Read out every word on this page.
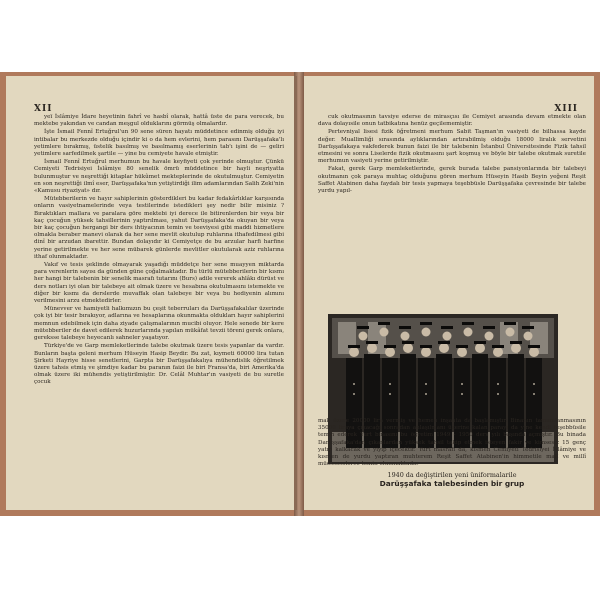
XII

yeï İslâmiye İdare heyetinin fahrî ve hasbî olarak, hattâ üste de para verecek, bu mektebe yakından ve candan meşgul olduklarını görmüş olmalardır.

İşte İsmail Fennî Ertuğrul'un 90 sene süren hayatı müddetince edinmiş olduğu iyi intibalar bu merkezde olduğu içindir ki o da hem evlerini, hem parasını Darüşşafaka'lı yetimlere bırakmış, üstelik basılmış ve basılmamış eserlerinin tab'ı işini de — geliri yetimlere sarfedilmek şartile — yine bu cemiyete havale etmiştir.

İsmail Fennî Ertuğrul merhumun bu havale keyfiyeti çok yerinde olmuştur. Çünkü Cemiyeti Tedrisiyei İslâmiye 80 senelik ömrü müddetince bir hayli neşriyatta bulunmuştur ve neşrettiği kitaplar hükûmet mekteplerinde de okutulmuştur. Cemiyetin en son neşrettiği ilmî eser, Darüşşafaka'nın yetiştirdiği ilim adamlarından Salih Zeki'nin «Kamusu riyaziyat» dır.

Mütebberilerin ve hayır sahiplerinin gösterdikleri bu kadar fedakârlıklar karşısında onların vasiyetnamelerinde veya testilerinde istedikleri şey nedir bilir misiniz ? Bıraktıkları mallara ve paralara göre mektebi iyi derece ile bitirenlerden bir veya bir kaç çocuğun yüksek tahsillerinin yaptırılması, yahut Darüşşafaka'da okuyan bir veya bir kaç çocuğun hergangi bir ders ihtiyacının temin ve teeviyesi gibi maddi hizmetlere olmakla beraber manevi olarak da her sene mevlit okutulup ruhlarına ithafedilmesi gibi dinî bir arzudan ibarettir. Bundan dolayıdır ki Cemiyetçe de bu arzular harfi harfine yerine getirilmekte ve her sene mübarek günlerde mevlitler okutularak aziz ruhlarına ithaf olunmaktadır.

Vakıf ve tesis şeklinde olmayarak yaşadığı müddetçe her sene muayyen miktarda para verenlerin sayısı da günden güne çoğalmaktadır. Bu türlü mütebberilerin bir kısmı her hangi bir talebenin bir senelik masrafı tutarını (Burs) adile vererek ahlâkı dürüst ve ders notları iyi olan bir talebeye ait olmak üzere ve hesabına okutulmasını istemekte ve diğer bir kısmı da derslerde muvaffak olan talebeye bir veya bu hediyenin alımını verilmesini arzu etmektedirler.

Münevver ve hamiyetli halkımızın bu çeşit teberruları da Darüşşafakalılar üzerinde çok iyi bir tesir bırakıyor, adlarına ve hesaplarına okunmakta oldukları hayır sahiplerini memnun edebilmek için daha ziyade çalışmalarının mucibi oluyor. Hele senede bir kere mütebberiler de davet edilerek huzurlarında yapılan mükâfat tevzii töreni gerek onlara, gereksse talebeye heyecanlı sahneler yaşatıyor.

Türkiye'de ve Garp memleketlerinde talebe okutmak üzere tesis yapanlar da vardır. Bunların başta geleni merhum Hüseyin Hasip Beydir. Bu zat, kıymeti 60000 lira tutan Şirketi Hayriye hisse senetlerini, Garpta bir Darüşşafakalıya mühendislik öğretilmek üzere tahsis etmiş ve şimdiye kadar bu paranın faizi ile biri Fransa'da, biri Amerika'da olmak üzere iki mühendis yetiştirilmiştir. Dr. Celâl Muhtar'ın vasiyeti de bu suretle çocuk

XIII

cuk okutmasının tavsiye ederse de mirasçısı ile Cemiyet arasında devam etmekte olan dava dolayısile onun tatbikatına henüz geçilememiştir.

Pertevniyal lisesi fizik öğretmeni merhum Sabit Taşman'ın vasiyeti de bilhassa kayde değer. Muallimliği sırasında aylıklarından artırabilmiş olduğu 18000 liralık servetini Darüşşafakaya vakfederek bunun faizi ile bir talebenin İstanbul Üniversitesinde Fizik tahsil etmesini ve sonra Liselerde fizik okutmasını şart koşmuş ve böyle bir talebe okutmak suretile merhumun vasiyeti yerine getirilmiştir.

Fakat, gerek Garp memleketlerinde, gerek burada talebe pansiyonlarında bir talebeyi okutmanın çok paraya muhtaç olduğunu gören merhum Hüseyin Hasib Beyin yeğeni Reşit Saffet Atabinen daha faydalı bir tesis yapmaya teşebbüsle Darüşşafaka çevresinde bir talebe yurdu yapıl-

1940 da değiştirilen yeni üniformalarile
Darüşşafaka talebesinden bir grup

mak üzere 20000 lira vermiş ve hemen inşaata da başlamıştır. Binanın tamamlanmasının 35000 liraya çıkacağı sonradan anlaşılmanı üzerine kalan parayı da yine kendi teşebbüsile temin ederek Yurt binasını bu öğretim 1949 - 1950 ders yılı başında açmıştır. Bu binada Darüşşafaka'dan çıkanlardan yüksek tahsil takip etmek isteyen fakir ve kimsesiz 15 genç yatıp kalkacak ve yiyip içecektir. Yurt masrafı da, kısmen Cemiyeti Tedrisiyei İslâmiye ve kısmen de yurdu yaptıran muhterem Reşit Saffet Atabinen'in himmetile malî ve millî müessese​lerce temin olunmaktadır.
